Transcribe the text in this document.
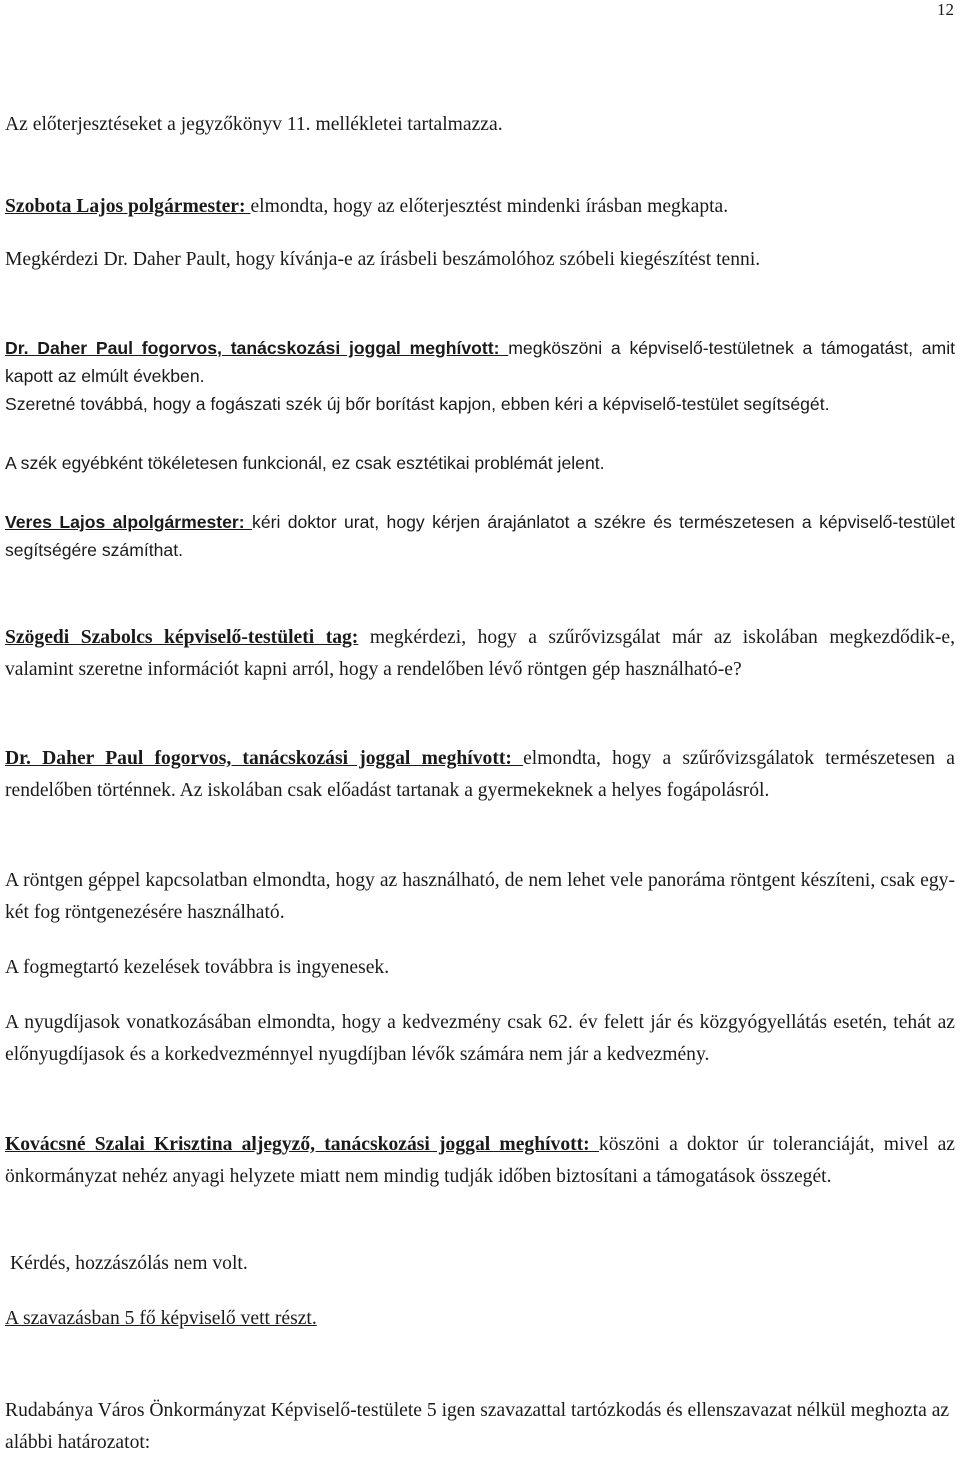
12

Az előterjesztéseket a jegyzőkönyv 11. mellékletei tartalmazza.

Szobota Lajos polgármester: elmondta, hogy az előterjesztést mindenki írásban megkapta.

Megkérdezi Dr. Daher Pault, hogy kívánja-e az írásbeli beszámolóhoz szóbeli kiegészítést tenni.

Dr. Daher Paul fogorvos, tanácskozási joggal meghívott: megköszöni a képviselő-testületnek a támogatást, amit kapott az elmúlt években.

Szeretné továbbá, hogy a fogászati szék új bőr borítást kapjon, ebben kéri a képviselő-testület segítségét.

A szék egyébként tökéletesen funkcionál, ez csak esztétikai problémát jelent.

Veres Lajos alpolgármester: kéri doktor urat, hogy kérjen árajánlatot a székre és természetesen a képviselő-testület segítségére számíthat.

Szögedi Szabolcs képviselő-testületi tag: megkérdezi, hogy a szűrővizsgálat már az iskolában megkezdődik-e, valamint szeretne információt kapni arról, hogy a rendelőben lévő röntgen gép használható-e?

Dr. Daher Paul fogorvos, tanácskozási joggal meghívott: elmondta, hogy a szűrővizsgálatok természetesen a rendelőben történnek. Az iskolában csak előadást tartanak a gyermekeknek a helyes fogápolásról.

A röntgen géppel kapcsolatban elmondta, hogy az használható, de nem lehet vele panoráma röntgent készíteni, csak egy-két fog röntgenezésére használható.

A fogmegtartó kezelések továbbra is ingyenesek.

A nyugdíjasok vonatkozásában elmondta, hogy a kedvezmény csak 62. év felett jár és közgyógyellátás esetén, tehát az előnyugdíjasok és a korkedvezménnyel nyugdíjban lévők számára nem jár a kedvezmény.

Kovácsné Szalai Krisztina aljegyző, tanácskozási joggal meghívott: köszöni a doktor úr toleranciáját, mivel az önkormányzat nehéz anyagi helyzete miatt nem mindig tudják időben biztosítani a támogatások összegét.

Kérdés, hozzászólás nem volt.

A szavazásban 5 fő képviselő vett részt.

Rudabánya Város Önkormányzat Képviselő-testülete 5 igen szavazattal tartózkodás és ellenszavazat nélkül meghozta az alábbi határozatot:
